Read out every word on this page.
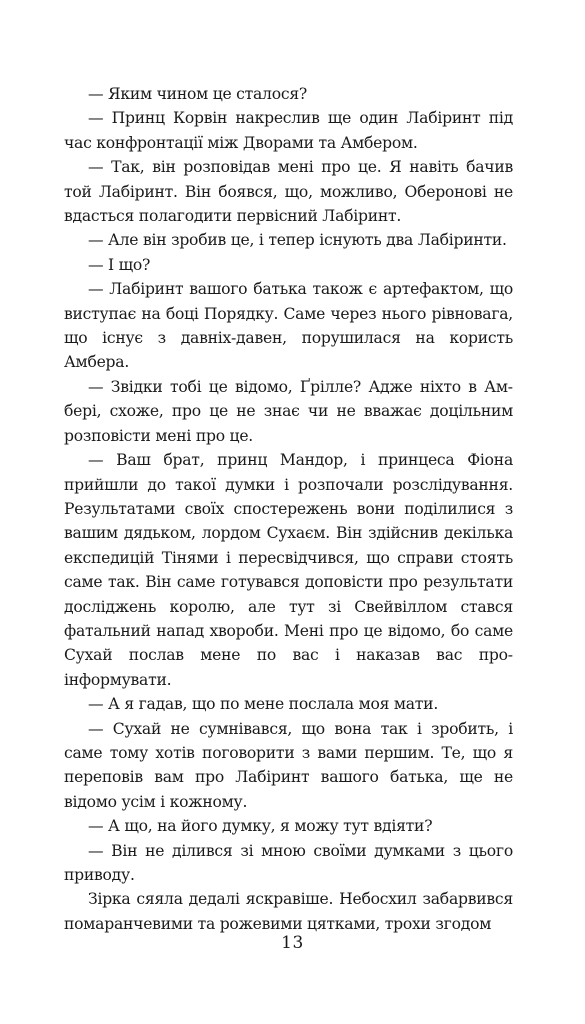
— Яким чином це сталося?

— Принц Корвін накреслив ще один Лабіринт під час конфронтації між Дворами та Амбером.

— Так, він розповідав мені про це. Я навіть бачив той Лабіринт. Він боявся, що, можливо, Оберонові не вдасться полагодити первісний Лабіринт.

— Але він зробив це, і тепер існують два Лабіринти.

— І що?

— Лабіринт вашого батька також є артефактом, що виступає на боці Порядку. Саме через нього рівновага, що існує з давніх-давен, порушилася на користь Амбера.

— Звідки тобі це відомо, Ґрілле? Адже ніхто в Амбері, схоже, про це не знає чи не вважає доцільним розповісти мені про це.

— Ваш брат, принц Мандор, і принцеса Фіона прийшли до такої думки і розпочали розслідування. Результатами своїх спостережень вони поділилися з вашим дядьком, лордом Сухаєм. Він здійснив декілька експедицій Тінями і пересвідчився, що справи стоять саме так. Він саме готувався доповісти про результати досліджень королю, але тут зі Свейвіллом стався фатальний напад хвороби. Мені про це відомо, бо саме Сухай послав мене по вас і наказав вас проінформувати.

— А я гадав, що по мене послала моя мати.

— Сухай не сумнівався, що вона так і зробить, і саме тому хотів поговорити з вами першим. Те, що я переповів вам про Лабіринт вашого батька, ще не відомо усім і кожному.

— А що, на його думку, я можу тут вдіяти?

— Він не ділився зі мною своїми думками з цього приводу.

Зірка сяяла дедалі яскравіше. Небосхил забарвився помаранчевими та рожевими цятками, трохи згодом

13
